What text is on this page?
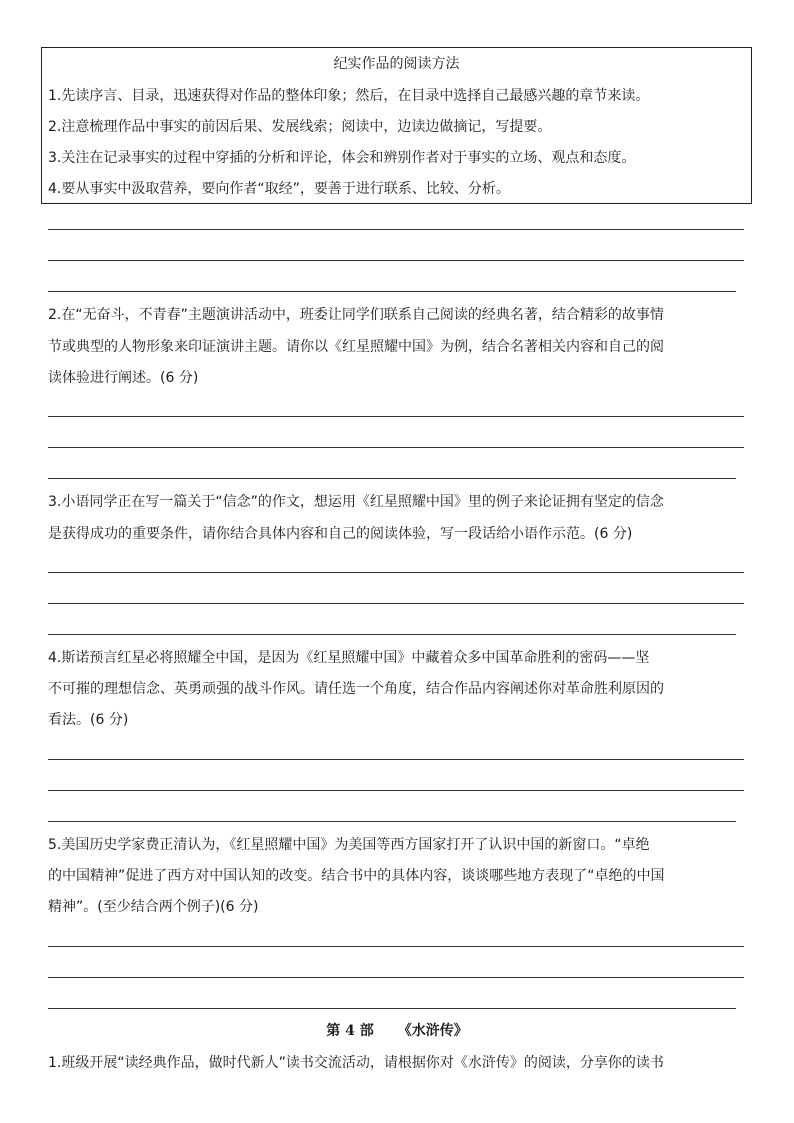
纪实作品的阅读方法
1.先读序言、目录，迅速获得对作品的整体印象；然后，在目录中选择自己最感兴趣的章节来读。
2.注意梳理作品中事实的前因后果、发展线索；阅读中，边读边做摘记，写提要。
3.关注在记录事实的过程中穿插的分析和评论，体会和辨别作者对于事实的立场、观点和态度。
4.要从事实中汲取营养，要向作者“取经”，要善于进行联系、比较、分析。
2.在“无奋斗，不青春”主题演讲活动中，班委让同学们联系自己阅读的经典名著，结合精彩的故事情
节或典型的人物形象来印证演讲主题。请你以《红星照耀中国》为例，结合名著相关内容和自己的阅
读体验进行阐述。(6 分)
3.小语同学正在写一篇关于“信念”的作文，想运用《红星照耀中国》里的例子来论证拥有坚定的信念
是获得成功的重要条件，请你结合具体内容和自己的阅读体验，写一段话给小语作示范。(6 分)
4.斯诺预言红星必将照耀全中国，是因为《红星照耀中国》中藏着众多中国革命胜利的密码——坚
不可摧的理想信念、英勇顽强的战斗作风。请任选一个角度，结合作品内容阐述你对革命胜利原因的
看法。(6 分)
5.美国历史学家费正清认为，《红星照耀中国》为美国等西方国家打开了认识中国的新窗口。“卓绝
的中国精神”促进了西方对中国认知的改变。结合书中的具体内容，谈谈哪些地方表现了“卓绝的中国
精神”。(至少结合两个例子)(6 分)
第 4 部 《水浒传》
1.班级开展“读经典作品，做时代新人”读书交流活动，请根据你对《水浒传》的阅读，分享你的读书
